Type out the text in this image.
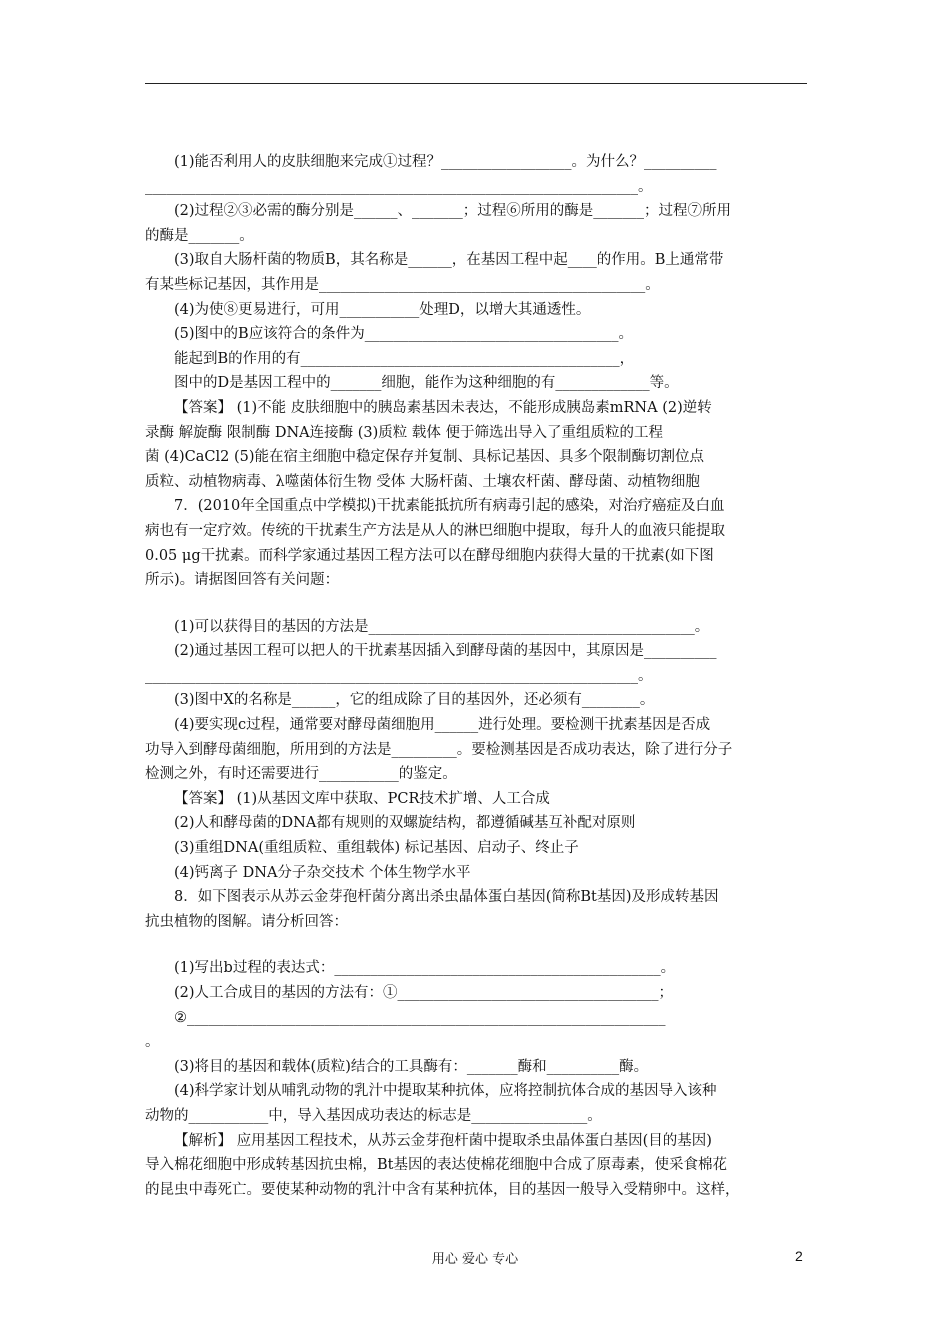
(1)能否利用人的皮肤细胞来完成①过程？__________________。为什么？__________
____________________________________________________________________。
(2)过程②③必需的酶分别是______、_______；过程⑥所用的酶是_______；过程⑦所用
的酶是_______。
(3)取自大肠杆菌的物质B，其名称是______，在基因工程中起____的作用。B上通常带
有某些标记基因，其作用是_____________________________________________。
(4)为使⑧更易进行，可用___________处理D，以增大其通透性。
(5)图中的B应该符合的条件为___________________________________。
能起到B的作用的有____________________________________________，
图中的D是基因工程中的_______细胞，能作为这种细胞的有_____________等。
【答案】 (1)不能 皮肤细胞中的胰岛素基因未表达，不能形成胰岛素mRNA (2)逆转
录酶 解旋酶 限制酶 DNA连接酶 (3)质粒 载体 便于筛选出导入了重组质粒的工程
菌 (4)CaCl2 (5)能在宿主细胞中稳定保存并复制、具标记基因、具多个限制酶切割位点
质粒、动植物病毒、λ噬菌体衍生物 受体 大肠杆菌、土壤农杆菌、酵母菌、动植物细胞
7．(2010年全国重点中学模拟)干扰素能抵抗所有病毒引起的感染，对治疗癌症及白血
病也有一定疗效。传统的干扰素生产方法是从人的淋巴细胞中提取，每升人的血液只能提取
0.05 μg干扰素。而科学家通过基因工程方法可以在酵母细胞内获得大量的干扰素(如下图
所示)。请据图回答有关问题：
(1)可以获得目的基因的方法是_____________________________________________。
(2)通过基因工程可以把人的干扰素基因插入到酵母菌的基因中，其原因是__________
____________________________________________________________________。
(3)图中X的名称是______，它的组成除了目的基因外，还必须有________。
(4)要实现c过程，通常要对酵母菌细胞用______进行处理。要检测干扰素基因是否成
功导入到酵母菌细胞，所用到的方法是_________。要检测基因是否成功表达，除了进行分子
检测之外，有时还需要进行___________的鉴定。
【答案】 (1)从基因文库中获取、PCR技术扩增、人工合成
(2)人和酵母菌的DNA都有规则的双螺旋结构，都遵循碱基互补配对原则
(3)重组DNA(重组质粒、重组载体) 标记基因、启动子、终止子
(4)钙离子 DNA分子杂交技术 个体生物学水平
8．如下图表示从苏云金芽孢杆菌分离出杀虫晶体蛋白基因(简称Bt基因)及形成转基因
抗虫植物的图解。请分析回答：
(1)写出b过程的表达式：_____________________________________________。
(2)人工合成目的基因的方法有：①____________________________________；
②__________________________________________________________________
。
(3)将目的基因和载体(质粒)结合的工具酶有：_______酶和__________酶。
(4)科学家计划从哺乳动物的乳汁中提取某种抗体，应将控制抗体合成的基因导入该种
动物的___________中，导入基因成功表达的标志是________________。
【解析】 应用基因工程技术，从苏云金芽孢杆菌中提取杀虫晶体蛋白基因(目的基因)
导入棉花细胞中形成转基因抗虫棉，Bt基因的表达使棉花细胞中合成了原毒素，使采食棉花
的昆虫中毒死亡。要使某种动物的乳汁中含有某种抗体，目的基因一般导入受精卵中。这样，
用心 爱心 专心	2
